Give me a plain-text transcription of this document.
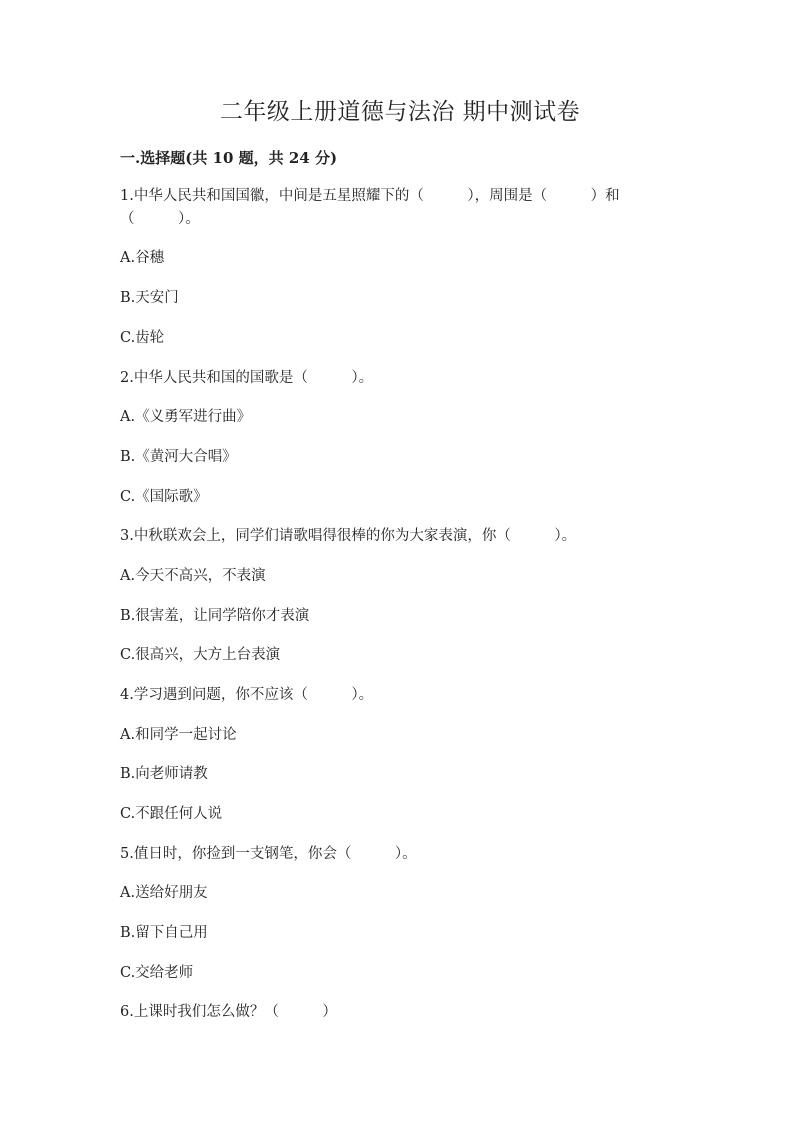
二年级上册道德与法治 期中测试卷
一.选择题(共 10 题，共 24 分)

1.中华人民共和国国徽，中间是五星照耀下的（　　　），周围是（　　　）和（　　　）。

A.谷穗

B.天安门

C.齿轮

2.中华人民共和国的国歌是（　　　）。

A.《义勇军进行曲》

B.《黄河大合唱》

C.《国际歌》

3.中秋联欢会上，同学们请歌唱得很棒的你为大家表演，你（　　　）。

A.今天不高兴，不表演

B.很害羞，让同学陪你才表演

C.很高兴，大方上台表演

4.学习遇到问题，你不应该（　　　）。

A.和同学一起讨论

B.向老师请教

C.不跟任何人说

5.值日时，你捡到一支钢笔，你会（　　　）。

A.送给好朋友

B.留下自己用

C.交给老师

6.上课时我们怎么做？（　　　）
